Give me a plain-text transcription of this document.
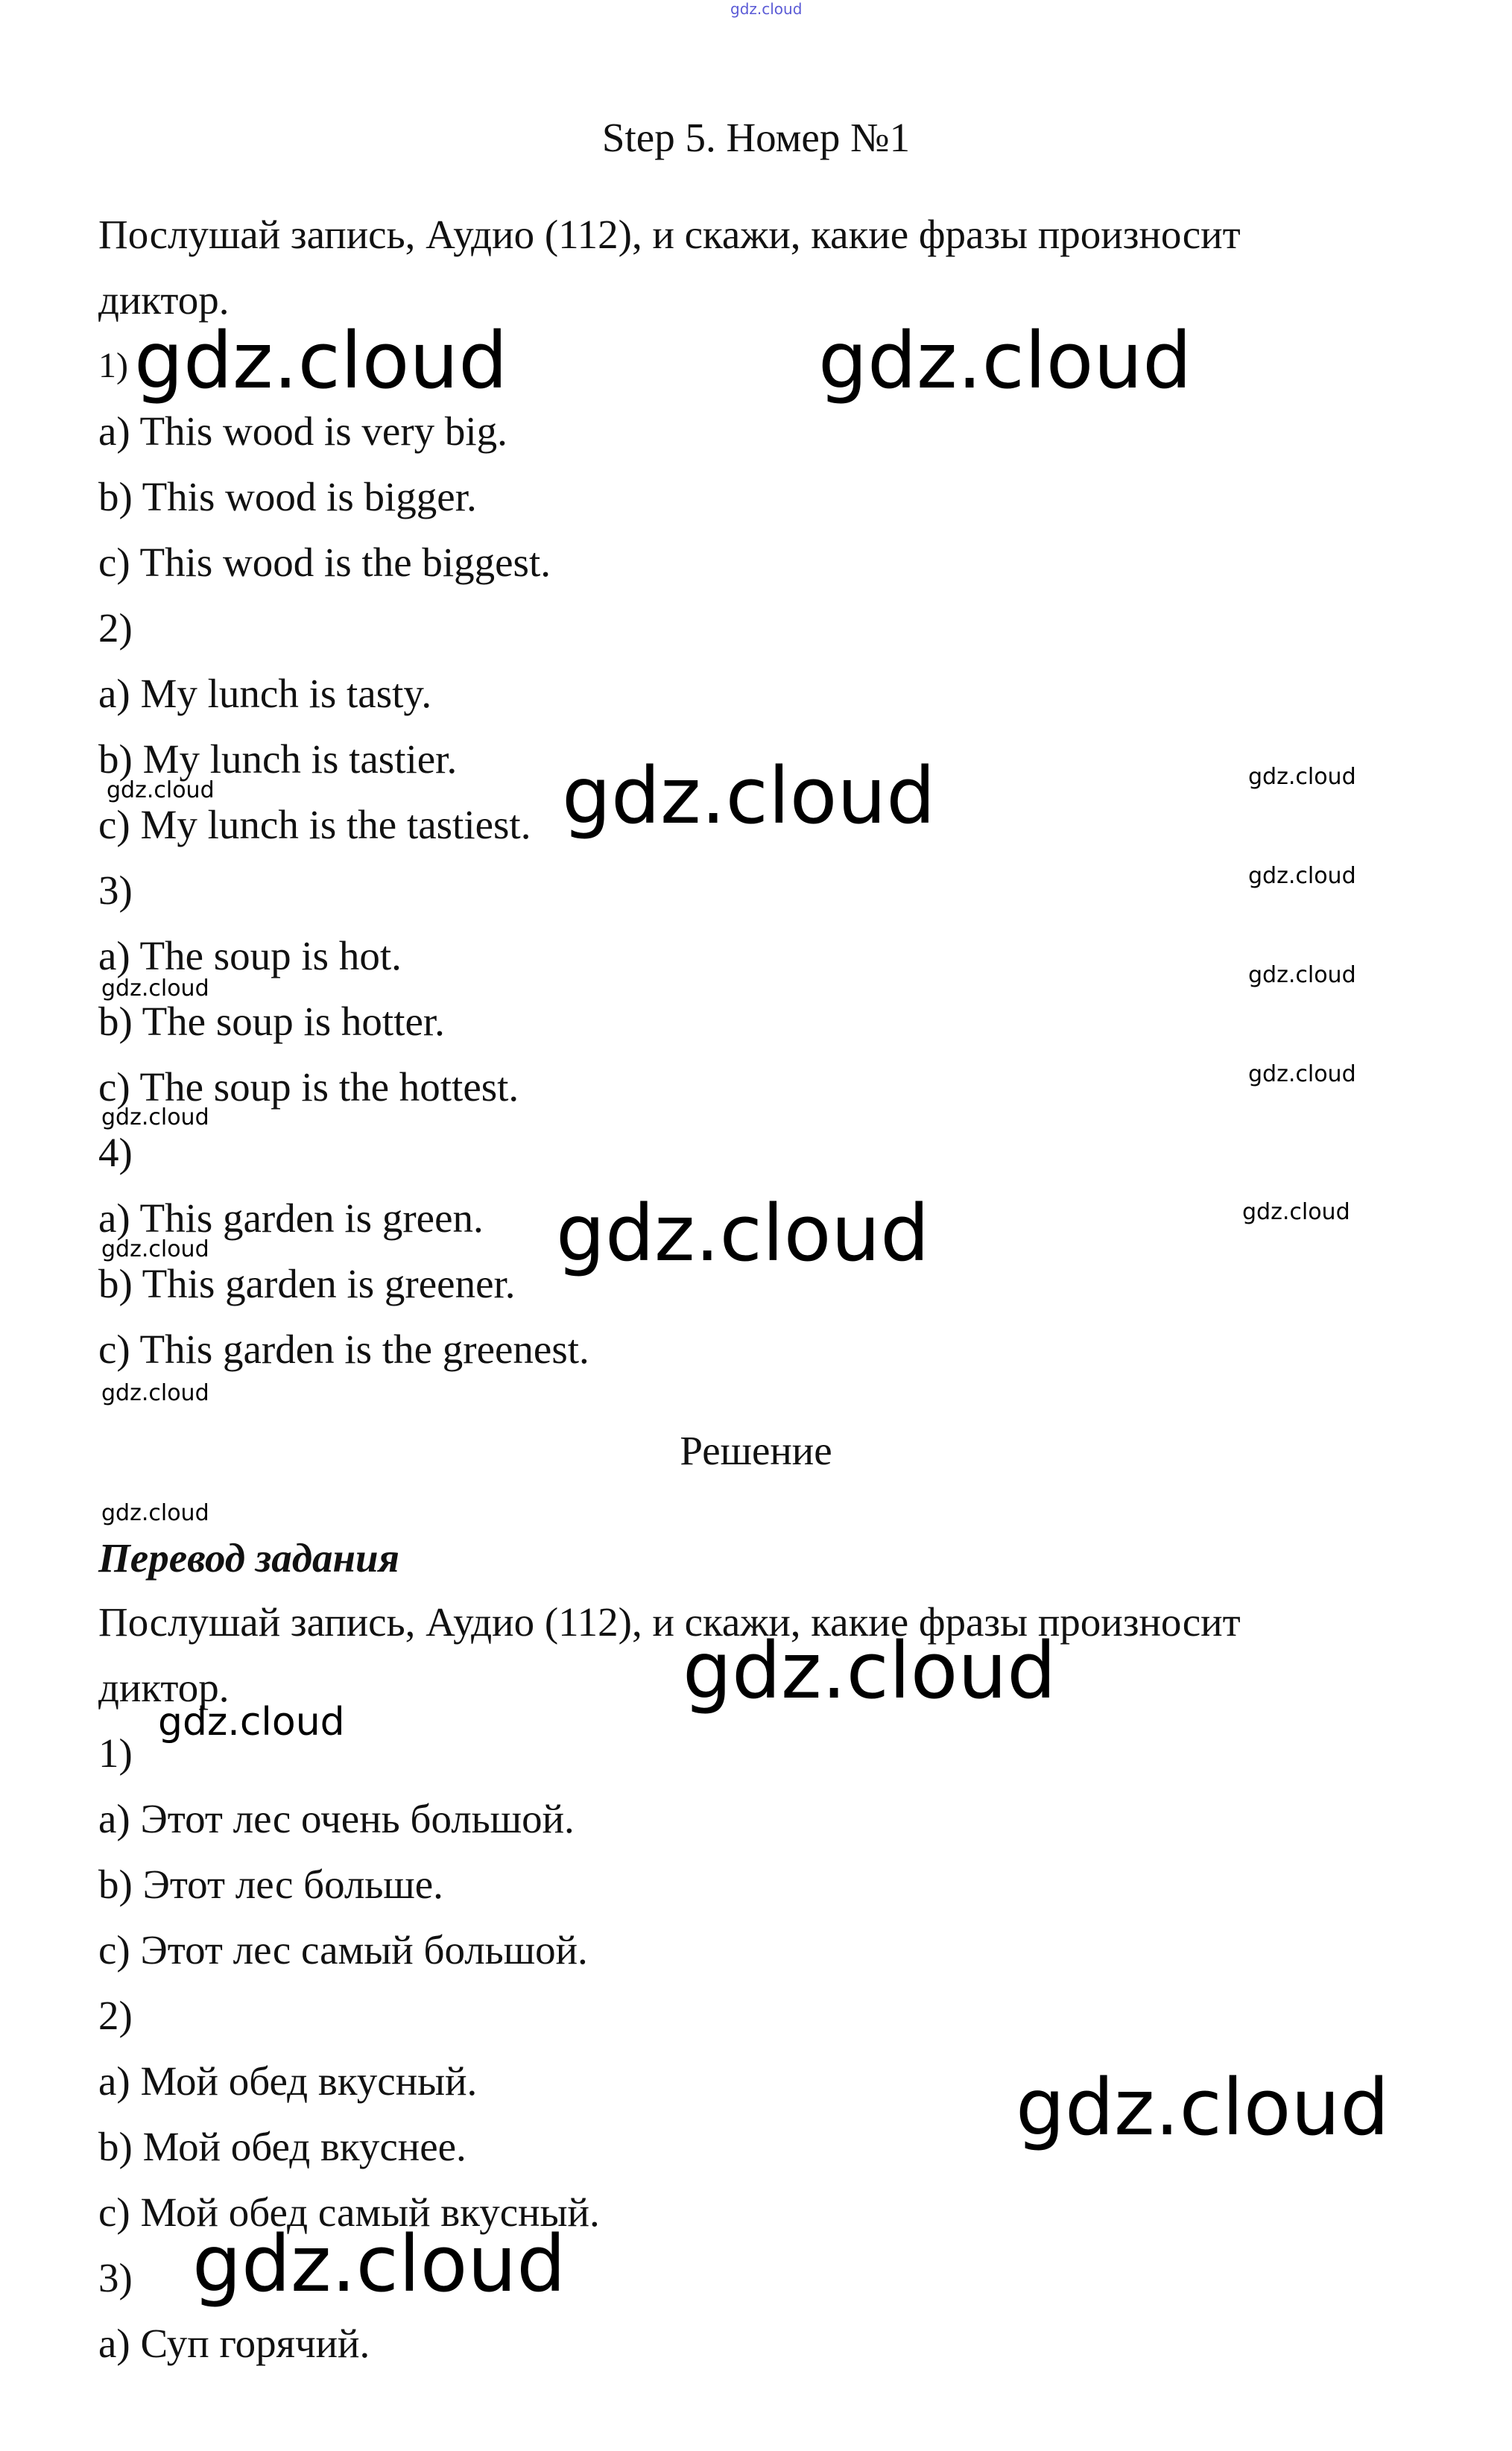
gdz.cloud

Step 5. Номер №1

Послушай запись, Аудио (112), и скажи, какие фразы произносит

диктор.

1)

a) This wood is very big.

b) This wood is bigger.

c) This wood is the biggest.

2)

a) My lunch is tasty.

b) My lunch is tastier.

c) My lunch is the tastiest.

3)

a) The soup is hot.

b) The soup is hotter.

c) The soup is the hottest.

4)

a) This garden is green.

b) This garden is greener.

c) This garden is the greenest.

Решение

Перевод задания

Послушай запись, Аудио (112), и скажи, какие фразы произносит

диктор.

1)

a) Этот лес очень большой.

b) Этот лес больше.

c) Этот лес самый большой.

2)

a) Мой обед вкусный.

b) Мой обед вкуснее.

c) Мой обед самый вкусный.

3)

a) Суп горячий.

gdz.cloud	gdz.cloud
gdz.cloud
gdz.cloud
gdz.cloud
gdz.cloud
gdz.cloud
gdz.cloud
gdz.cloud
gdz.cloud
gdz.cloud
gdz.cloud
gdz.cloud
gdz.cloud
gdz.cloud
gdz.cloud
gdz.cloud
gdz.cloud
gdz.cloud
